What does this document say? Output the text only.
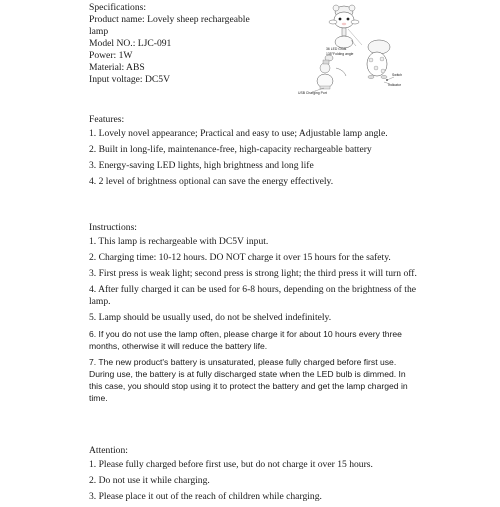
Specifications:

Product name: Lovely sheep rechargeable

lamp

Model NO.: LJC-091

Power: 1W

Material: ABS

Input voltage: DC5V

36 LED Grids
135°Folding angle
USB Charging Port
Switch
Indicator

Features:

1. Lovely novel appearance; Practical and easy to use; Adjustable lamp angle.

2. Built in long-life, maintenance-free, high-capacity rechargeable battery

3. Energy-saving LED lights, high brightness and long life

4. 2 level of brightness optional can save the energy effectively.

Instructions:

1. This lamp is rechargeable with DC5V input.

2. Charging time: 10-12 hours. DO NOT charge it over 15 hours for the safety.

3. First press is weak light; second press is strong light; the third press it will turn off.

4. After fully charged it can be used for 6-8 hours, depending on the brightness of the lamp.

5. Lamp should be usually used, do not be shelved indefinitely.

6. If you do not use the lamp often, please charge it for about 10 hours every three months, otherwise it will reduce the battery life.

7. The new product's battery is unsaturated, please fully charged before first use. During use, the battery is at fully discharged state when the LED bulb is dimmed. In this case, you should stop using it to protect the battery and get the lamp charged in time.

Attention:

1. Please fully charged before first use, but do not charge it over 15 hours.

2. Do not use it while charging.

3. Please place it out of the reach of children while charging.
